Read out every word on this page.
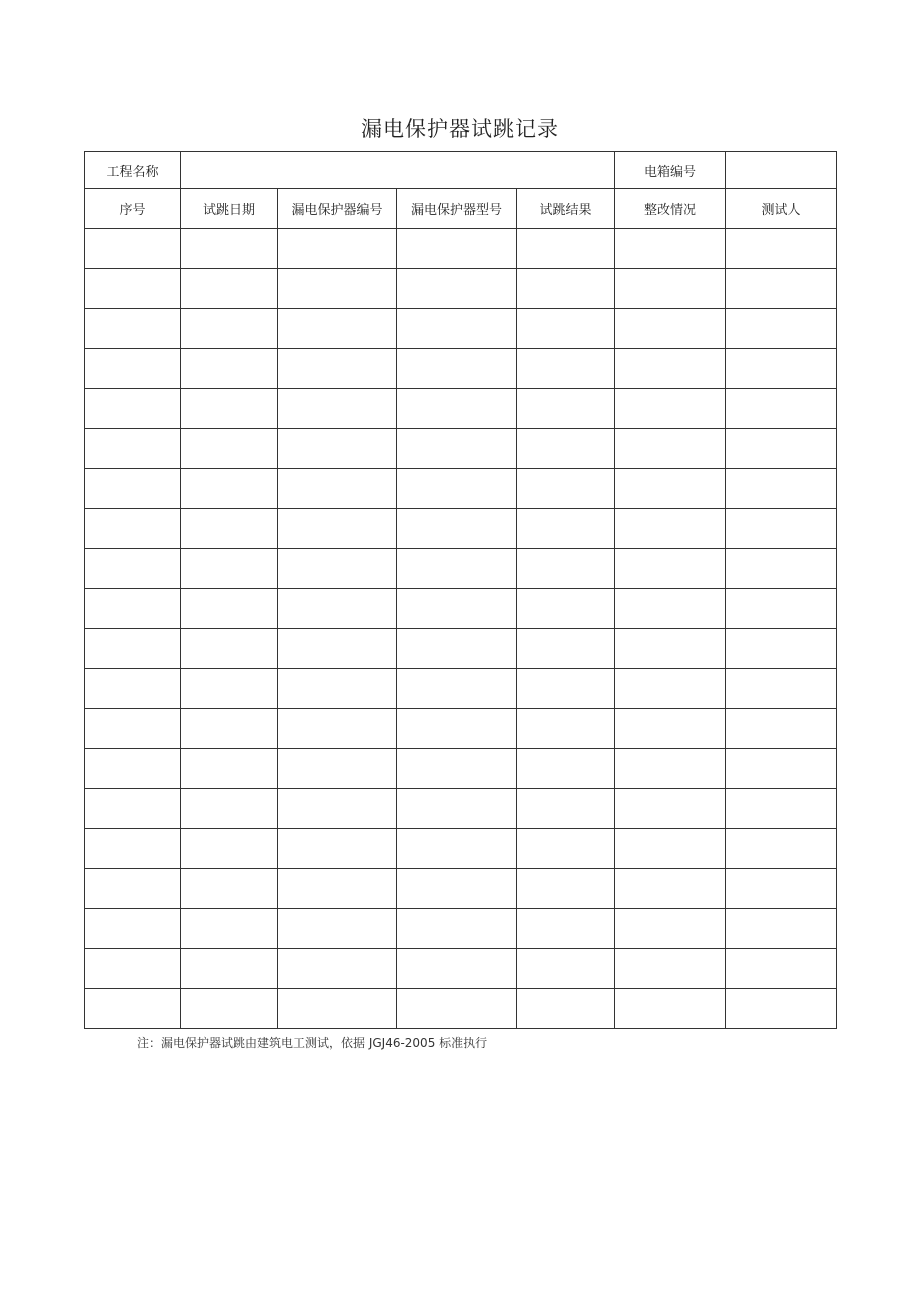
漏电保护器试跳记录
工程名称					电箱编号	
序号	试跳日期	漏电保护器编号	漏电保护器型号	试跳结果	整改情况	测试人

注：漏电保护器试跳由建筑电工测试，依据 JGJ46-2005 标准执行
